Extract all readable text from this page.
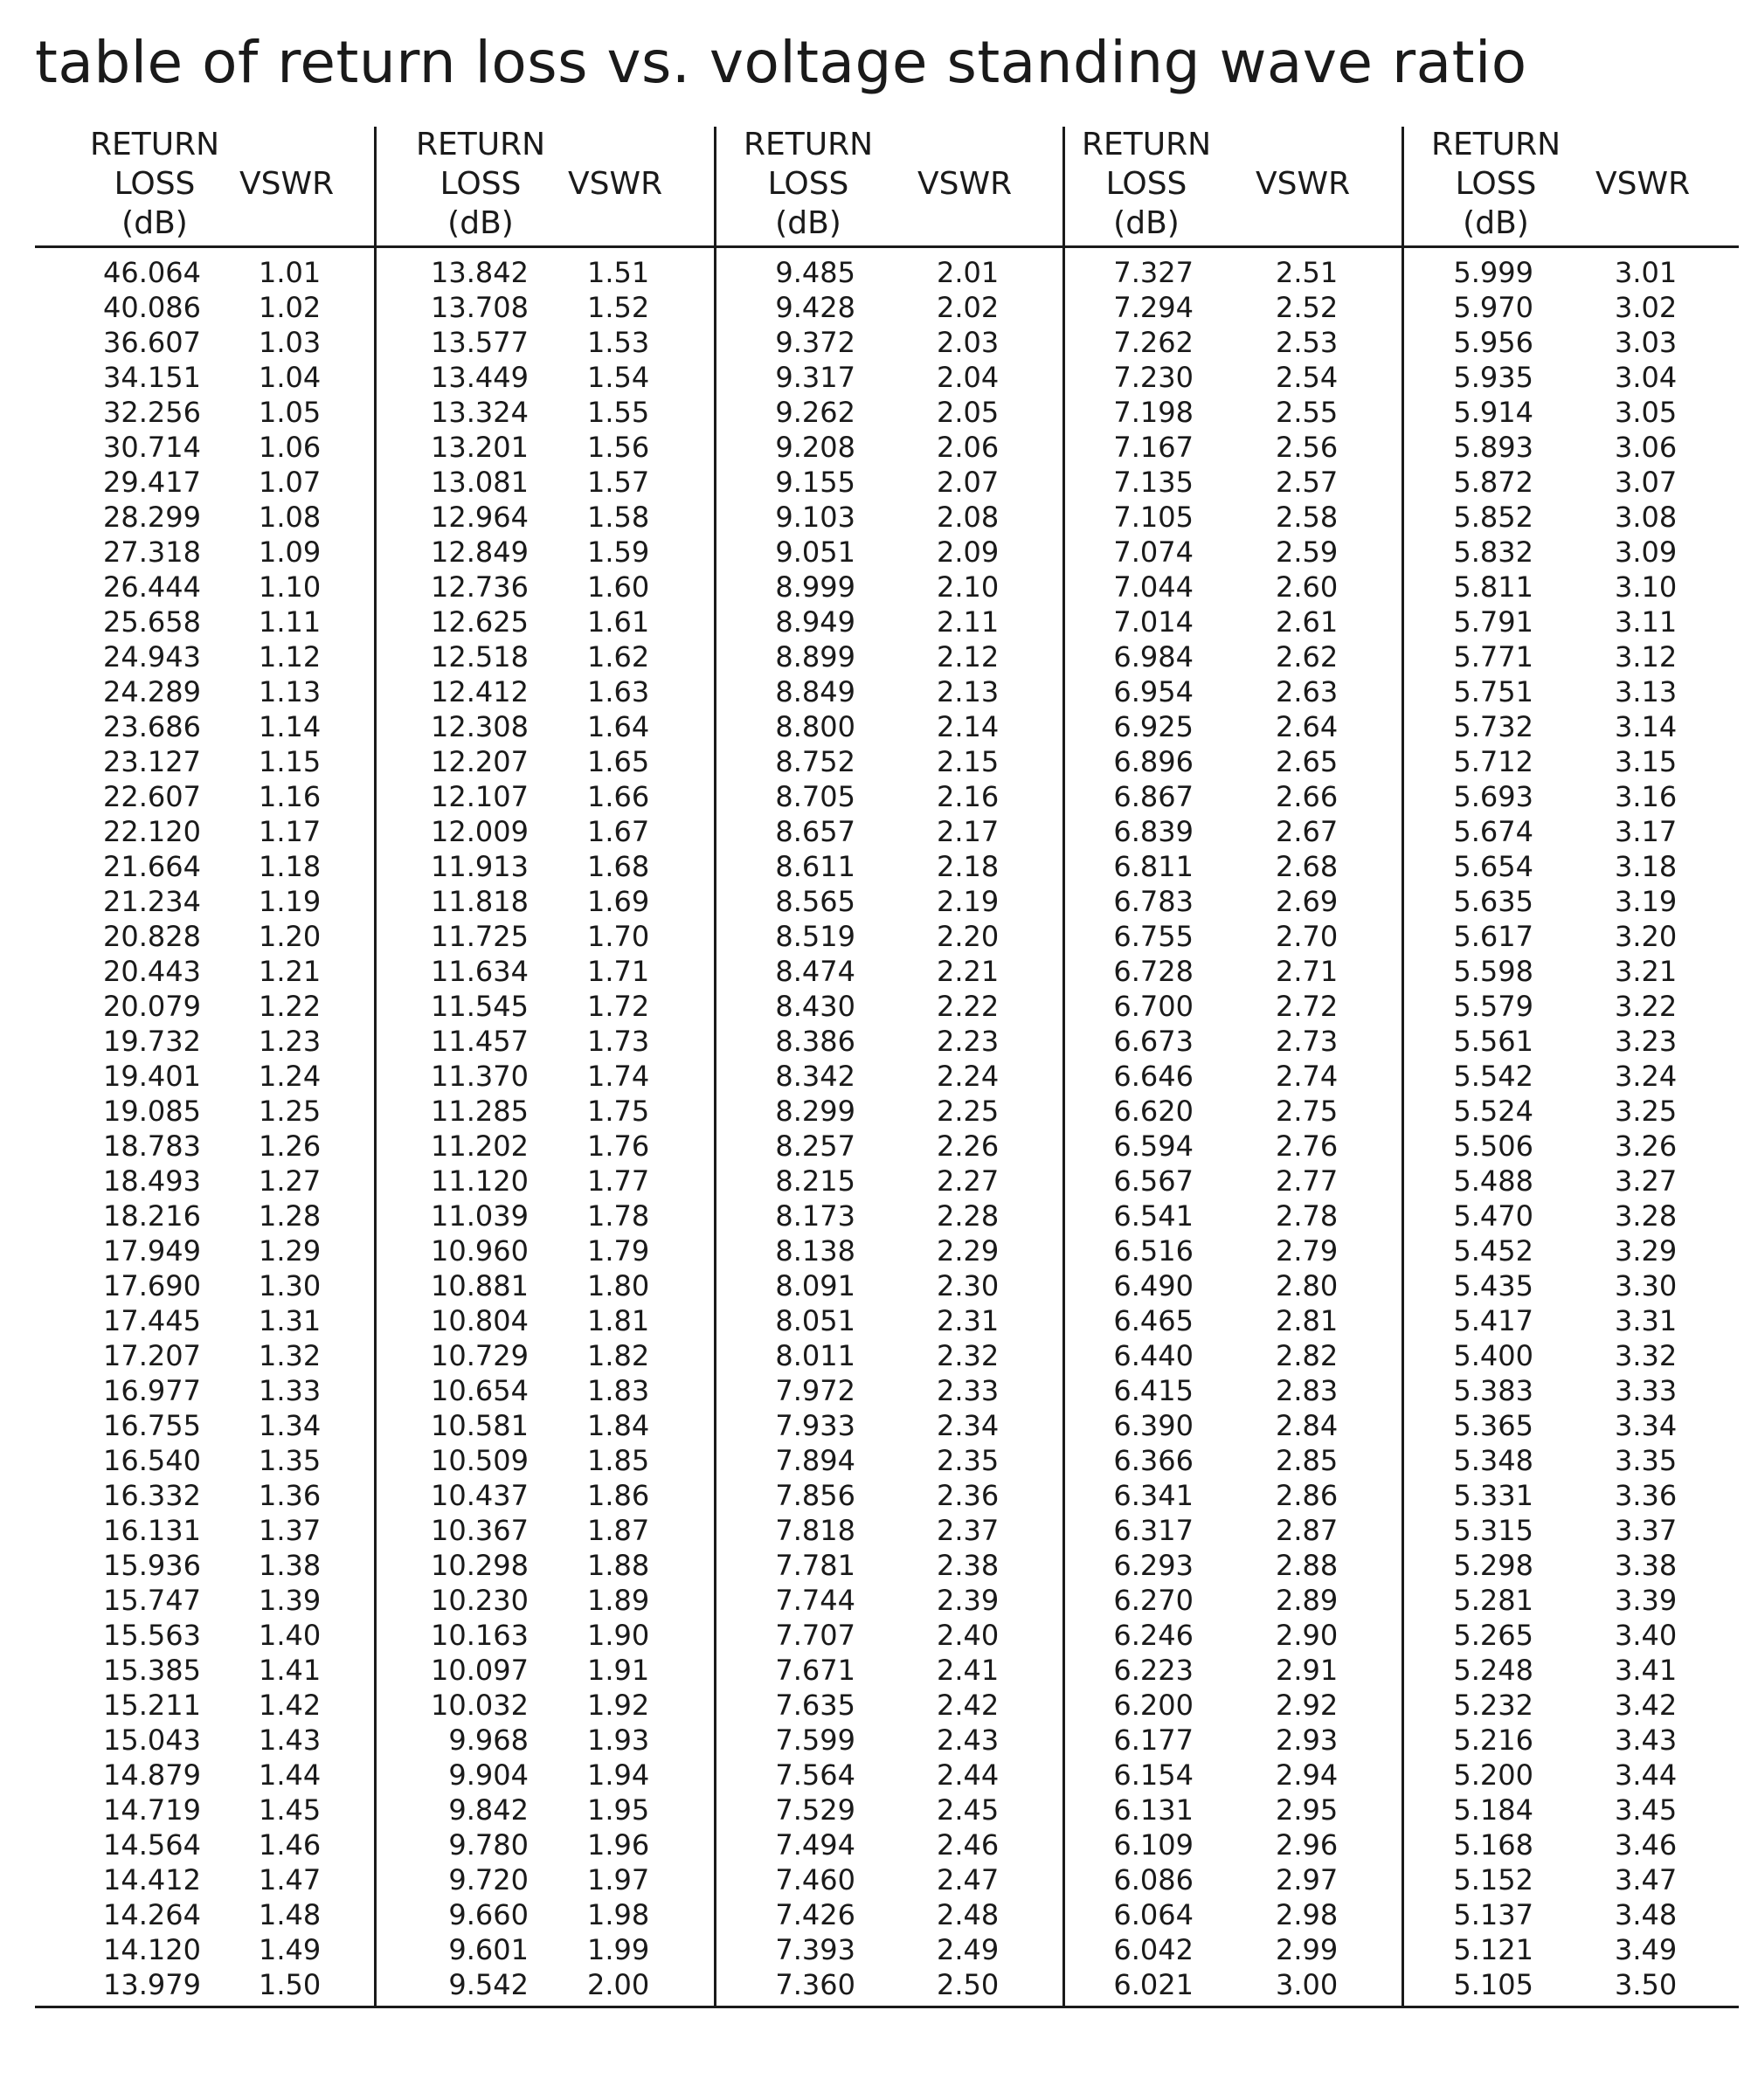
table of return loss vs. voltage standing wave ratio
RETURN
LOSS
(dB)
VSWR
RETURN
LOSS
(dB)
VSWR
RETURN
LOSS
(dB)
VSWR
RETURN
LOSS
(dB)
VSWR
RETURN
LOSS
(dB)
VSWR
46.064 1.01
40.086 1.02
36.607 1.03
34.151 1.04
32.256 1.05
30.714 1.06
29.417 1.07
28.299 1.08
27.318 1.09
26.444 1.10
25.658 1.11
24.943 1.12
24.289 1.13
23.686 1.14
23.127 1.15
22.607 1.16
22.120 1.17
21.664 1.18
21.234 1.19
20.828 1.20
20.443 1.21
20.079 1.22
19.732 1.23
19.401 1.24
19.085 1.25
18.783 1.26
18.493 1.27
18.216 1.28
17.949 1.29
17.690 1.30
17.445 1.31
17.207 1.32
16.977 1.33
16.755 1.34
16.540 1.35
16.332 1.36
16.131 1.37
15.936 1.38
15.747 1.39
15.563 1.40
15.385 1.41
15.211 1.42
15.043 1.43
14.879 1.44
14.719 1.45
14.564 1.46
14.412 1.47
14.264 1.48
14.120 1.49
13.979 1.50
13.842 1.51
13.708 1.52
13.577 1.53
13.449 1.54
13.324 1.55
13.201 1.56
13.081 1.57
12.964 1.58
12.849 1.59
12.736 1.60
12.625 1.61
12.518 1.62
12.412 1.63
12.308 1.64
12.207 1.65
12.107 1.66
12.009 1.67
11.913 1.68
11.818 1.69
11.725 1.70
11.634 1.71
11.545 1.72
11.457 1.73
11.370 1.74
11.285 1.75
11.202 1.76
11.120 1.77
11.039 1.78
10.960 1.79
10.881 1.80
10.804 1.81
10.729 1.82
10.654 1.83
10.581 1.84
10.509 1.85
10.437 1.86
10.367 1.87
10.298 1.88
10.230 1.89
10.163 1.90
10.097 1.91
10.032 1.92
9.968 1.93
9.904 1.94
9.842 1.95
9.780 1.96
9.720 1.97
9.660 1.98
9.601 1.99
9.542 2.00
9.485	2.01
9.428	2.02
9.372	2.03
9.317	2.04
9.262	2.05
9.208	2.06
9.155	2.07
9.103	2.08
9.051	2.09
8.999	2.10
8.949	2.11
8.899	2.12
8.849	2.13
8.800	2.14
8.752	2.15
8.705	2.16
8.657	2.17
8.611	2.18
8.565	2.19
8.519	2.20
8.474	2.21
8.430	2.22
8.386	2.23
8.342	2.24
8.299	2.25
8.257	2.26
8.215	2.27
8.173	2.28
8.138	2.29
8.091	2.30
8.051	2.31
8.011	2.32
7.972	2.33
7.933	2.34
7.894	2.35
7.856	2.36
7.818	2.37
7.781	2.38
7.744	2.39
7.707	2.40
7.671	2.41
7.635	2.42
7.599	2.43
7.564	2.44
7.529	2.45
7.494	2.46
7.460	2.47
7.426	2.48
7.393	2.49
7.360	2.50
7.327	2.51
7.294	2.52
7.262	2.53
7.230	2.54
7.198	2.55
7.167	2.56
7.135	2.57
7.105	2.58
7.074	2.59
7.044	2.60
7.014	2.61
6.984	2.62
6.954	2.63
6.925	2.64
6.896	2.65
6.867	2.66
6.839	2.67
6.811	2.68
6.783	2.69
6.755	2.70
6.728	2.71
6.700	2.72
6.673	2.73
6.646	2.74
6.620	2.75
6.594	2.76
6.567	2.77
6.541	2.78
6.516	2.79
6.490	2.80
6.465	2.81
6.440	2.82
6.415	2.83
6.390	2.84
6.366	2.85
6.341	2.86
6.317	2.87
6.293	2.88
6.270	2.89
6.246	2.90
6.223	2.91
6.200	2.92
6.177	2.93
6.154	2.94
6.131	2.95
6.109	2.96
6.086	2.97
6.064	2.98
6.042	2.99
6.021	3.00
5.999	3.01
5.970	3.02
5.956	3.03
5.935	3.04
5.914	3.05
5.893	3.06
5.872	3.07
5.852	3.08
5.832	3.09
5.811	3.10
5.791	3.11
5.771	3.12
5.751	3.13
5.732	3.14
5.712	3.15
5.693	3.16
5.674	3.17
5.654	3.18
5.635	3.19
5.617	3.20
5.598	3.21
5.579	3.22
5.561	3.23
5.542	3.24
5.524	3.25
5.506	3.26
5.488	3.27
5.470	3.28
5.452	3.29
5.435	3.30
5.417	3.31
5.400	3.32
5.383	3.33
5.365	3.34
5.348	3.35
5.331	3.36
5.315	3.37
5.298	3.38
5.281	3.39
5.265	3.40
5.248	3.41
5.232	3.42
5.216	3.43
5.200	3.44
5.184	3.45
5.168	3.46
5.152	3.47
5.137	3.48
5.121	3.49
5.105	3.50
